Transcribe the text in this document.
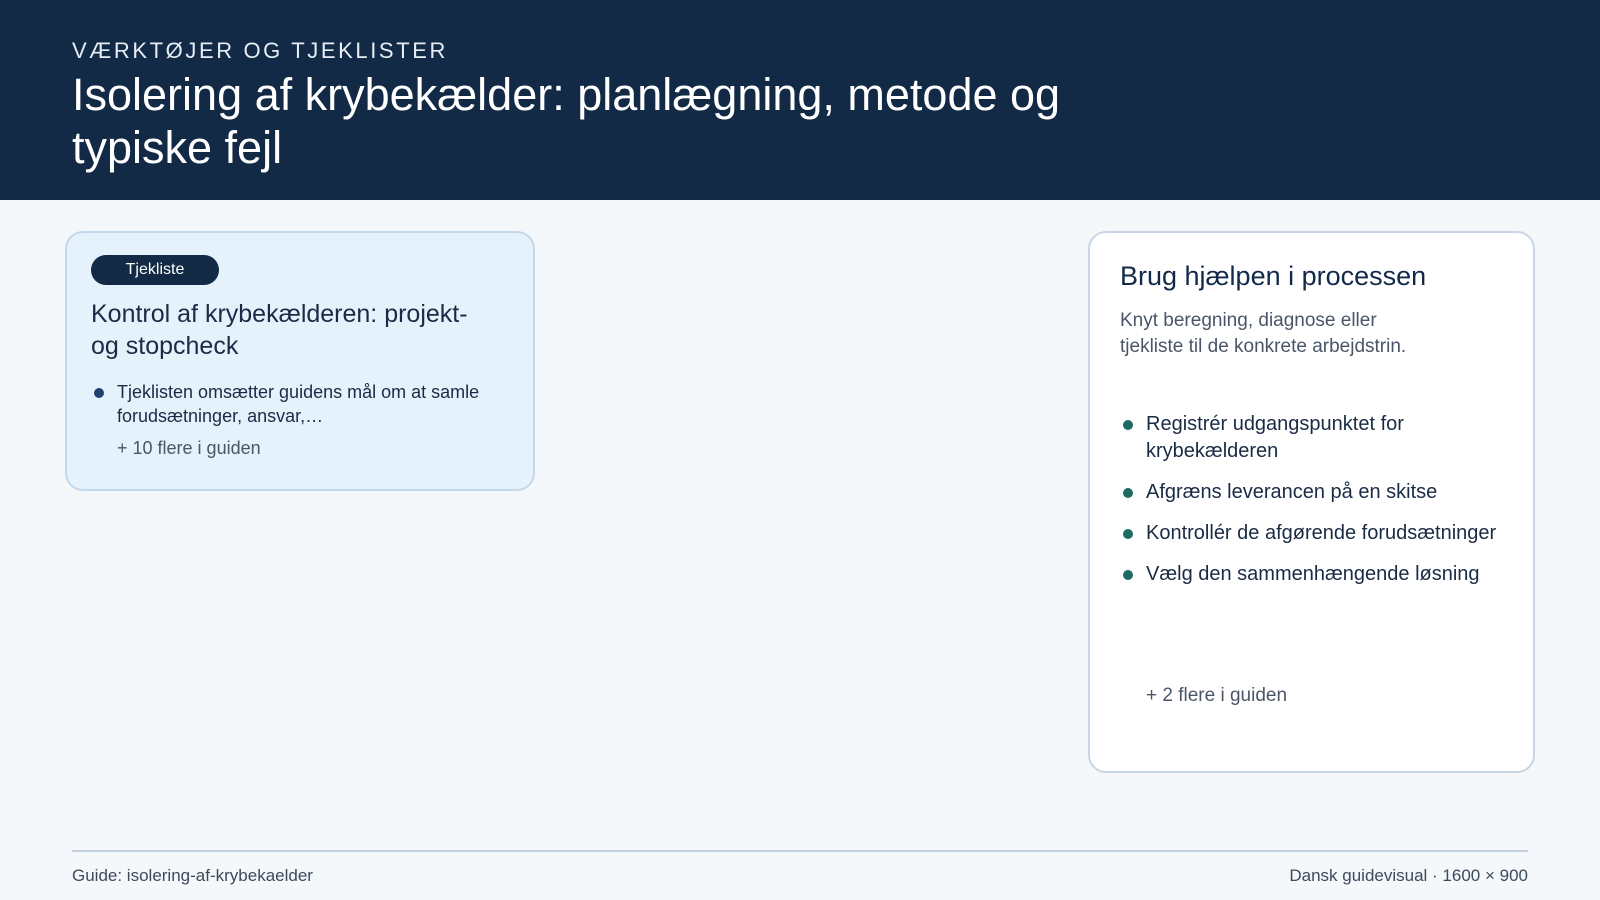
VÆRKTØJER OG TJEKLISTER
Isolering af krybekælder: planlægning, metode og typiske fejl
Tjekliste
Kontrol af krybekælderen: projekt- og stopcheck
Tjeklisten omsætter guidens mål om at samle forudsætninger, ansvar,…
+ 10 flere i guiden
Brug hjælpen i processen
Knyt beregning, diagnose eller tjekliste til de konkrete arbejdstrin.
Registrér udgangspunktet for krybekælderen
Afgræns leverancen på en skitse
Kontrollér de afgørende forudsætninger
Vælg den sammenhængende løsning
+ 2 flere i guiden
Guide: isolering-af-krybekaelder	Dansk guidevisual · 1600 × 900
